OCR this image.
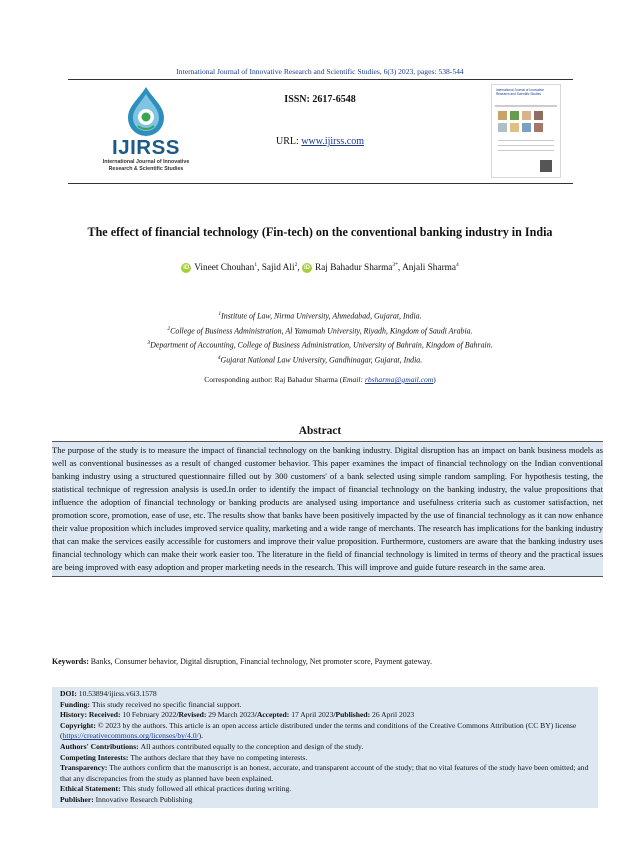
International Journal of Innovative Research and Scientific Studies, 6(3) 2023, pages: 538-544
IJIRSS
International Journal of Innovative
Research & Scientific Studies
ISSN: 2617-6548
URL: www.ijirss.com
International Journal of Innovative Research and Scientific Studies
The effect of financial technology (Fin-tech) on the conventional banking industry in India
iD Vineet Chouhan$^1$, Sajid Ali$^2$, iD Raj Bahadur Sharma$^{3*}$, Anjali Sharma$^4$
$^1$Institute of Law, Nirma University, Ahmedabad, Gujarat, India.
$^2$College of Business Administration, Al Yamamah University, Riyadh, Kingdom of Saudi Arabia.
$^3$Department of Accounting, College of Business Administration, University of Bahrain, Kingdom of Bahrain.
$^4$Gujarat National Law University, Gandhinagar, Gujarat, India.
Corresponding author: Raj Bahadur Sharma (Email: rbsharma@gmail.com)
Abstract
The purpose of the study is to measure the impact of financial technology on the banking industry. Digital disruption has an impact on bank business models as well as conventional businesses as a result of changed customer behavior. This paper examines the impact of financial technology on the Indian conventional banking industry using a structured questionnaire filled out by 300 customers' of a bank selected using simple random sampling. For hypothesis testing, the statistical technique of regression analysis is used.In order to identify the impact of financial technology on the banking industry, the value propositions that influence the adoption of financial technology or banking products are analysed using importance and usefulness criteria such as customer satisfaction, net promotion score, promotion, ease of use, etc. The results show that banks have been positively impacted by the use of financial technology as it can now enhance their value proposition which includes improved service quality, marketing and a wide range of merchants. The research has implications for the banking industry that can make the services easily accessible for customers and improve their value proposition. Furthermore, customers are aware that the banking industry uses financial technology which can make their work easier too. The literature in the field of financial technology is limited in terms of theory and the practical issues are being improved with easy adoption and proper marketing needs in the research. This will improve and guide future research in the same area.
Keywords: Banks, Consumer behavior, Digital disruption, Financial technology, Net promoter score, Payment gateway.
DOI: 10.53894/ijirss.v6i3.1578
Funding: This study received no specific financial support.
History: Received: 10 February 2022/Revised: 29 March 2023/Accepted: 17 April 2023/Published: 26 April 2023
Copyright: © 2023 by the authors. This article is an open access article distributed under the terms and conditions of the Creative Commons Attribution (CC BY) license (https://creativecommons.org/licenses/by/4.0/).
Authors' Contributions: All authors contributed equally to the conception and design of the study.
Competing Interests: The authors declare that they have no competing interests.
Transparency: The authors confirm that the manuscript is an honest, accurate, and transparent account of the study; that no vital features of the study have been omitted; and that any discrepancies from the study as planned have been explained.
Ethical Statement: This study followed all ethical practices during writing.
Publisher: Innovative Research Publishing
